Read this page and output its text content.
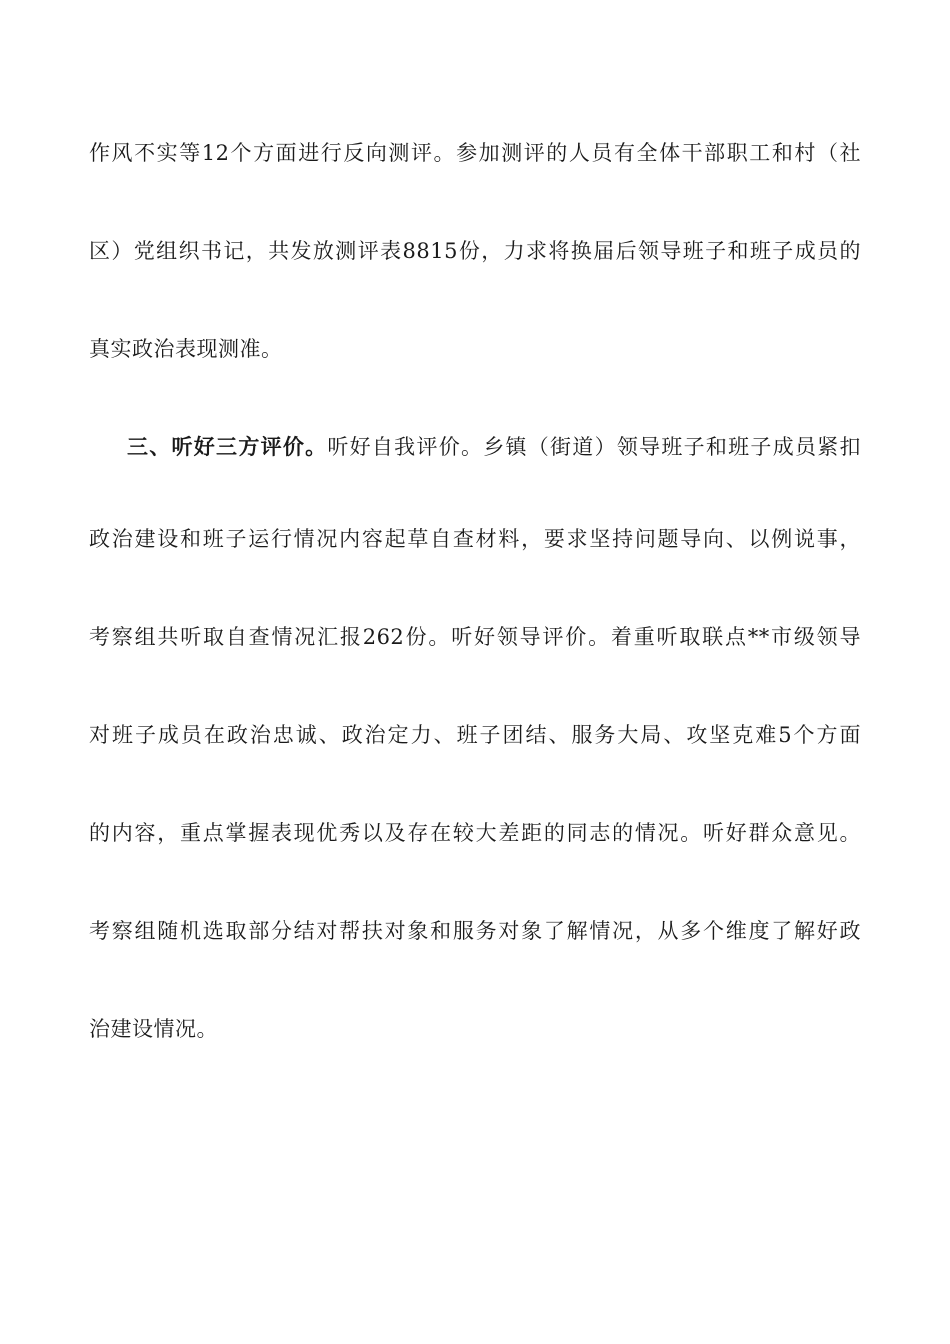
作风不实等12个方面进行反向测评。参加测评的人员有全体干部职工和村（社
区）党组织书记，共发放测评表8815份，力求将换届后领导班子和班子成员的
真实政治表现测准。
三、听好三方评价。听好自我评价。乡镇（街道）领导班子和班子成员紧扣
政治建设和班子运行情况内容起草自查材料，要求坚持问题导向、以例说事，
考察组共听取自查情况汇报262份。听好领导评价。着重听取联点**市级领导
对班子成员在政治忠诚、政治定力、班子团结、服务大局、攻坚克难5个方面
的内容，重点掌握表现优秀以及存在较大差距的同志的情况。听好群众意见。
考察组随机选取部分结对帮扶对象和服务对象了解情况，从多个维度了解好政
治建设情况。
